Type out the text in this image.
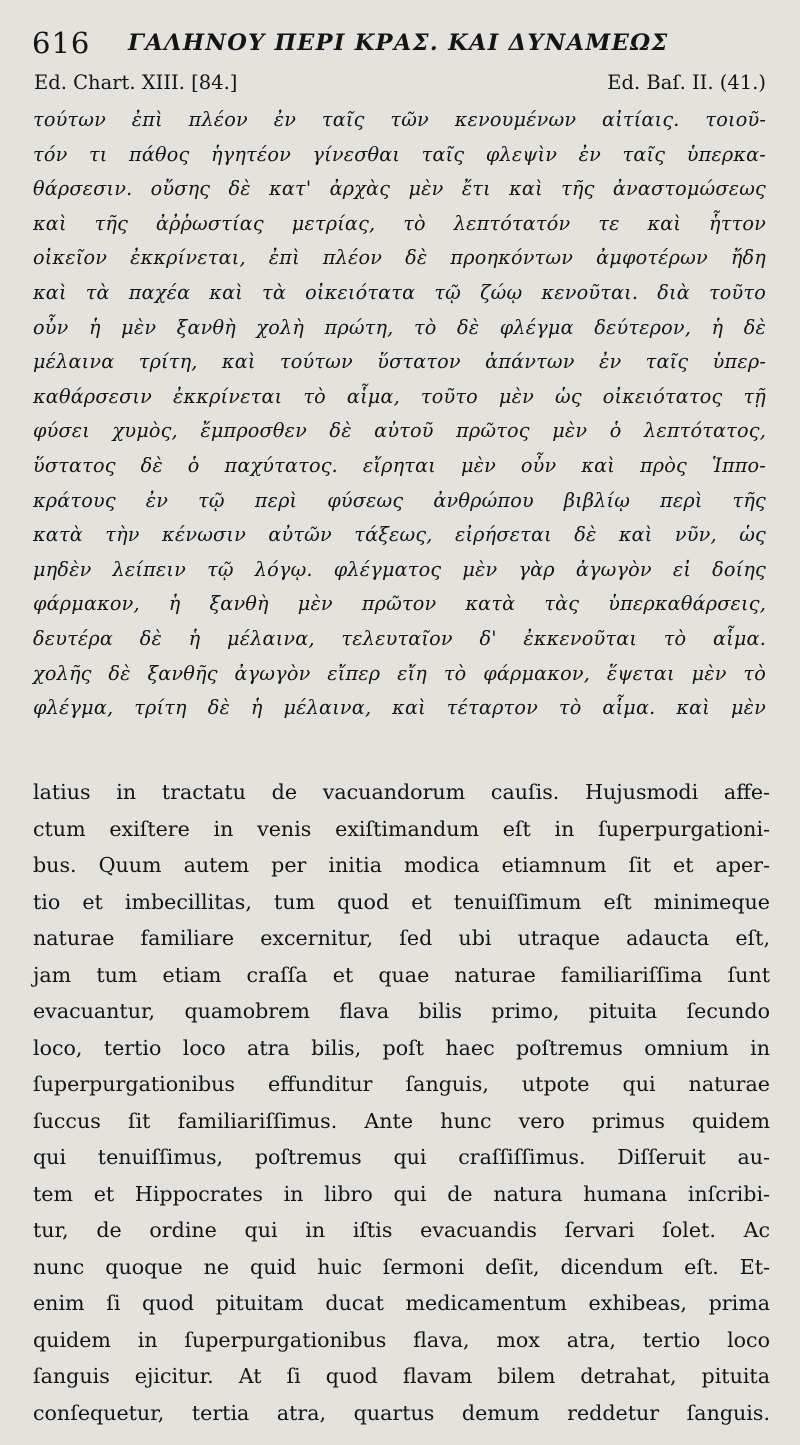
616 ΓΑΛΗΝΟΥ ΠΕΡΙ ΚΡΑΣ. ΚΑΙ ΔΥΝΑΜΕΩΣ
Ed. Chart. XIII. [84.]	Ed. Baſ. II. (41.)
τούτων ἐπὶ πλέον ἐν ταῖς τῶν κενουμένων αἰτίαις. τοιοῦ-
τόν τι πάθος ἡγητέον γίνεσθαι ταῖς φλεψὶν ἐν ταῖς ὑπερκα-
θάρσεσιν. οὔσης δὲ κατ' ἀρχὰς μὲν ἔτι καὶ τῆς ἀναστομώσεως
καὶ τῆς ἀῤῥωστίας μετρίας, τὸ λεπτότατόν τε καὶ ἧττον
οἰκεῖον ἐκκρίνεται, ἐπὶ πλέον δὲ προηκόντων ἀμφοτέρων ἤδη
καὶ τὰ παχέα καὶ τὰ οἰκειότατα τῷ ζώῳ κενοῦται. διὰ τοῦτο
οὖν ἡ μὲν ξανθὴ χολὴ πρώτη, τὸ δὲ φλέγμα δεύτερον, ἡ δὲ
μέλαινα τρίτη, καὶ τούτων ὕστατον ἁπάντων ἐν ταῖς ὑπερ-
καθάρσεσιν ἐκκρίνεται τὸ αἷμα, τοῦτο μὲν ὡς οἰκειότατος τῇ
φύσει χυμὸς, ἔμπροσθεν δὲ αὐτοῦ πρῶτος μὲν ὁ λεπτότατος,
ὕστατος δὲ ὁ παχύτατος. εἴρηται μὲν οὖν καὶ πρὸς Ἱππο-
κράτους ἐν τῷ περὶ φύσεως ἀνθρώπου βιβλίῳ περὶ τῆς
κατὰ τὴν κένωσιν αὐτῶν τάξεως, εἰρήσεται δὲ καὶ νῦν, ὡς
μηδὲν λείπειν τῷ λόγῳ. φλέγματος μὲν γὰρ ἀγωγὸν εἰ δοίης
φάρμακον, ἡ ξανθὴ μὲν πρῶτον κατὰ τὰς ὑπερκαθάρσεις,
δευτέρα δὲ ἡ μέλαινα, τελευταῖον δ' ἐκκενοῦται τὸ αἷμα.
χολῆς δὲ ξανθῆς ἀγωγὸν εἴπερ εἴη τὸ φάρμακον, ἕψεται μὲν τὸ
φλέγμα, τρίτη δὲ ἡ μέλαινα, καὶ τέταρτον τὸ αἷμα. καὶ μὲν
latius in tractatu de vacuandorum cauſis. Hujusmodi affe-
ctum exiſtere in venis exiſtimandum eſt in ſuperpurgationi-
bus. Quum autem per initia modica etiamnum ſit et aper-
tio et imbecillitas, tum quod et tenuiſſimum eſt minimeque
naturae familiare excernitur, ſed ubi utraque adaucta eſt,
jam tum etiam craſſa et quae naturae familiariſſima ſunt
evacuantur, quamobrem flava bilis primo, pituita ſecundo
loco, tertio loco atra bilis, poſt haec poſtremus omnium in
ſuperpurgationibus effunditur ſanguis, utpote qui naturae
ſuccus ſit familiariſſimus. Ante hunc vero primus quidem
qui tenuiſſimus, poſtremus qui craſſiſſimus. Diſſeruit au-
tem et Hippocrates in libro qui de natura humana inſcribi-
tur, de ordine qui in iſtis evacuandis ſervari ſolet. Ac
nunc quoque ne quid huic ſermoni deſit, dicendum eſt. Et-
enim ſi quod pituitam ducat medicamentum exhibeas, prima
quidem in ſuperpurgationibus flava, mox atra, tertio loco
ſanguis ejicitur. At ſi quod flavam bilem detrahat, pituita
conſequetur, tertia atra, quartus demum reddetur ſanguis.
